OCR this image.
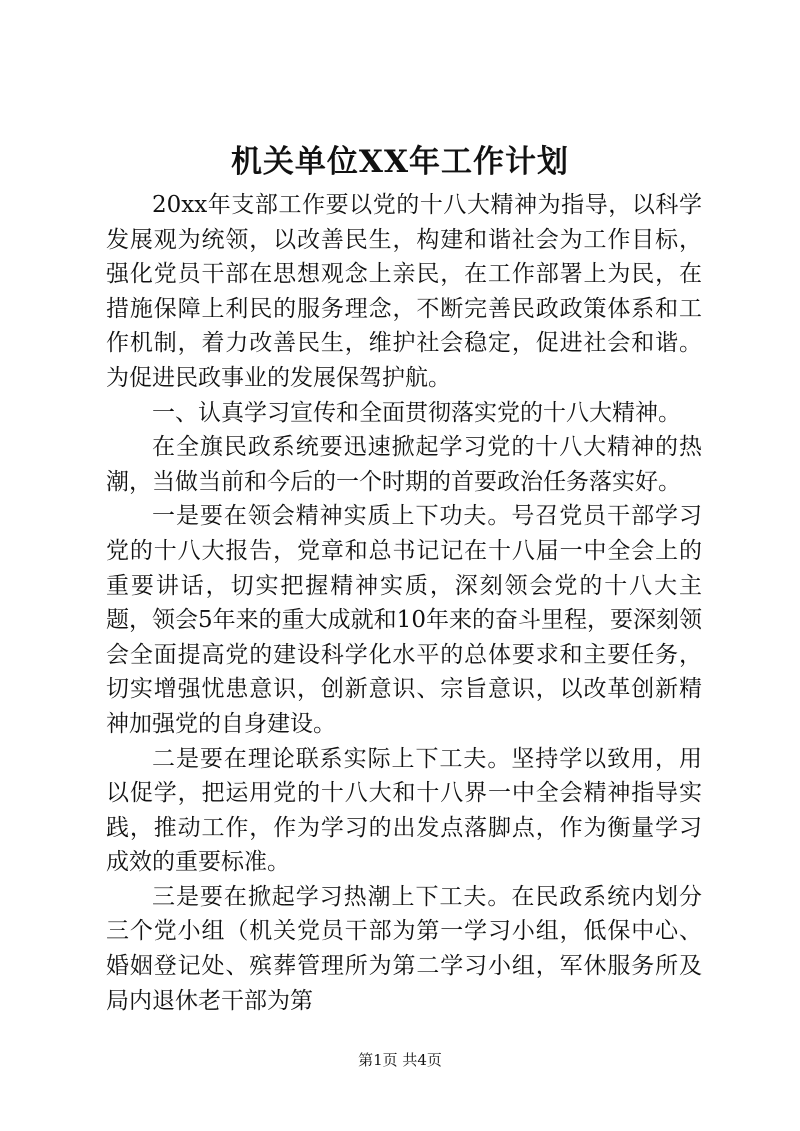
机关单位XX年工作计划

20xx年支部工作要以党的十八大精神为指导，以科学发展观为统领，以改善民生，构建和谐社会为工作目标，强化党员干部在思想观念上亲民，在工作部署上为民，在措施保障上利民的服务理念，不断完善民政政策体系和工作机制，着力改善民生，维护社会稳定，促进社会和谐。为促进民政事业的发展保驾护航。

一、认真学习宣传和全面贯彻落实党的十八大精神。

在全旗民政系统要迅速掀起学习党的十八大精神的热潮，当做当前和今后的一个时期的首要政治任务落实好。

一是要在领会精神实质上下功夫。号召党员干部学习党的十八大报告，党章和总书记记在十八届一中全会上的重要讲话，切实把握精神实质，深刻领会党的十八大主题，领会5年来的重大成就和10年来的奋斗里程，要深刻领会全面提高党的建设科学化水平的总体要求和主要任务，切实增强忧患意识，创新意识、宗旨意识，以改革创新精神加强党的自身建设。

二是要在理论联系实际上下工夫。坚持学以致用，用以促学，把运用党的十八大和十八界一中全会精神指导实践，推动工作，作为学习的出发点落脚点，作为衡量学习成效的重要标准。

三是要在掀起学习热潮上下工夫。在民政系统内划分三个党小组（机关党员干部为第一学习小组，低保中心、婚姻登记处、殡葬管理所为第二学习小组，军休服务所及局内退休老干部为第

第1页 共4页
